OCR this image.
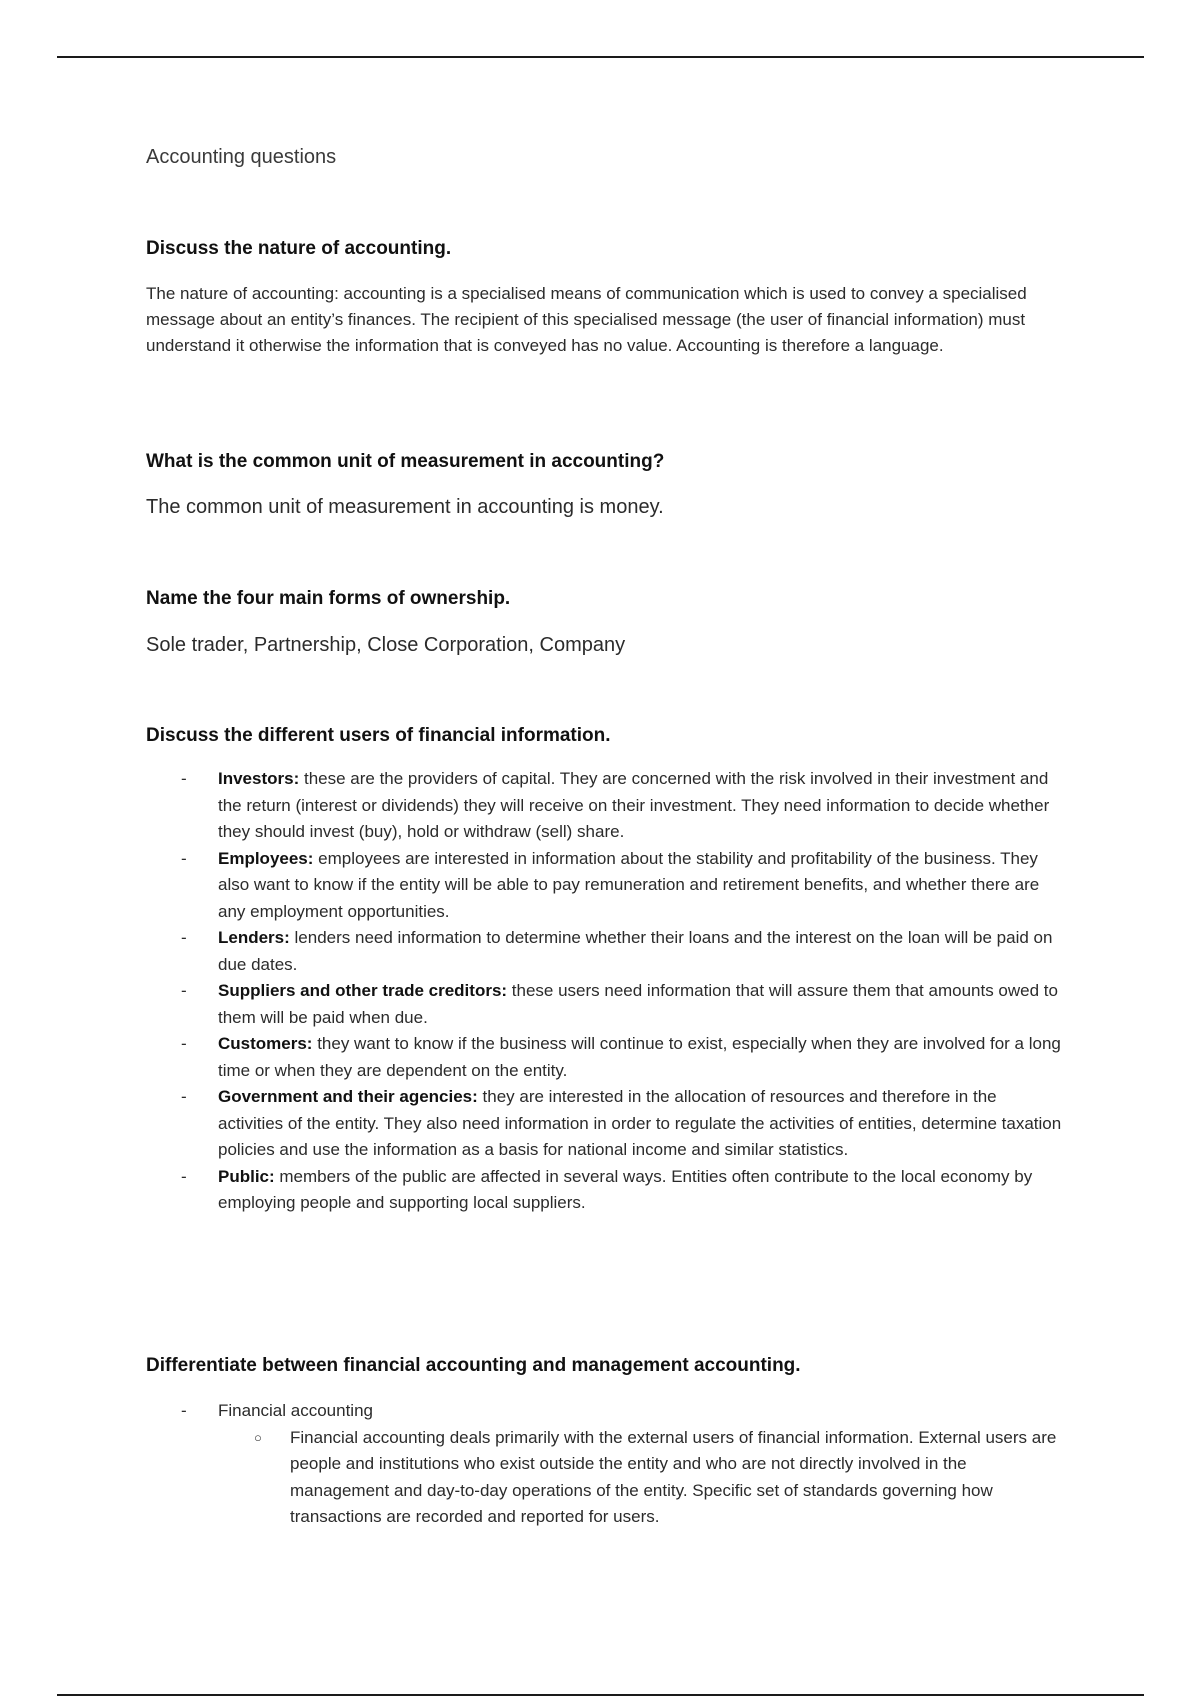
Accounting questions
Discuss the nature of accounting.
The nature of accounting: accounting is a specialised means of communication which is used to convey a specialised message about an entity’s finances. The recipient of this specialised message (the user of financial information) must understand it otherwise the information that is conveyed has no value. Accounting is therefore a language.
What is the common unit of measurement in accounting?
The common unit of measurement in accounting is money.
Name the four main forms of ownership.
Sole trader, Partnership, Close Corporation, Company
Discuss the different users of financial information.
- Investors: these are the providers of capital. They are concerned with the risk involved in their investment and the return (interest or dividends) they will receive on their investment. They need information to decide whether they should invest (buy), hold or withdraw (sell) share.
- Employees: employees are interested in information about the stability and profitability of the business. They also want to know if the entity will be able to pay remuneration and retirement benefits, and whether there are any employment opportunities.
- Lenders: lenders need information to determine whether their loans and the interest on the loan will be paid on due dates.
- Suppliers and other trade creditors: these users need information that will assure them that amounts owed to them will be paid when due.
- Customers: they want to know if the business will continue to exist, especially when they are involved for a long time or when they are dependent on the entity.
- Government and their agencies: they are interested in the allocation of resources and therefore in the activities of the entity. They also need information in order to regulate the activities of entities, determine taxation policies and use the information as a basis for national income and similar statistics.
- Public: members of the public are affected in several ways. Entities often contribute to the local economy by employing people and supporting local suppliers.
Differentiate between financial accounting and management accounting.
- Financial accounting
○ Financial accounting deals primarily with the external users of financial information. External users are people and institutions who exist outside the entity and who are not directly involved in the management and day-to-day operations of the entity. Specific set of standards governing how transactions are recorded and reported for users.
